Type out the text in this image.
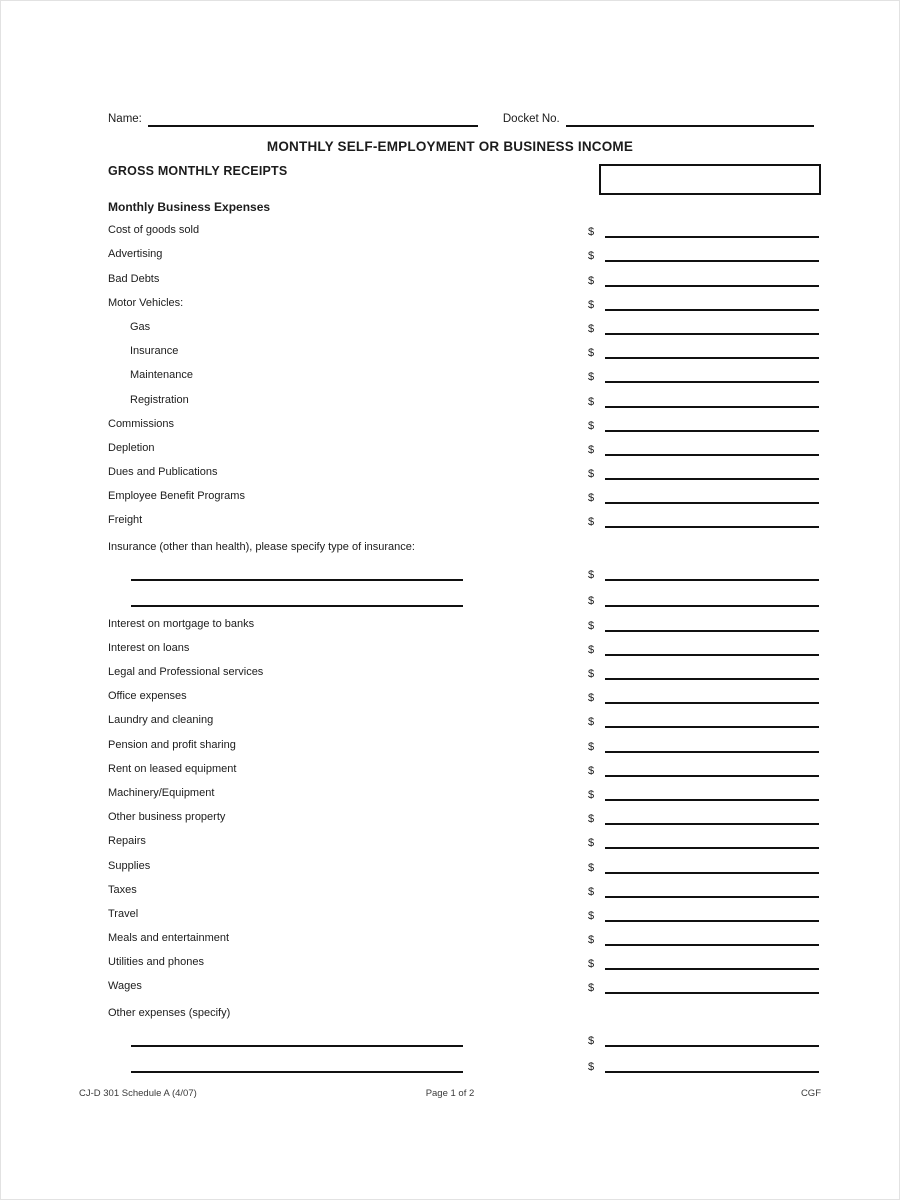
Name:	Docket No.
MONTHLY SELF-EMPLOYMENT OR BUSINESS INCOME
GROSS MONTHLY RECEIPTS
Monthly Business Expenses
Cost of goods sold	$
Advertising	$
Bad Debts	$
Motor Vehicles:	$
Gas	$
Insurance	$
Maintenance	$
Registration	$
Commissions	$
Depletion	$
Dues and Publications	$
Employee Benefit Programs	$
Freight	$
Insurance (other than health), please specify type of insurance:
$
$
Interest on mortgage to banks	$
Interest on loans	$
Legal and Professional services	$
Office expenses	$
Laundry and cleaning	$
Pension and profit sharing	$
Rent on leased equipment	$
Machinery/Equipment	$
Other business property	$
Repairs	$
Supplies	$
Taxes	$
Travel	$
Meals and entertainment	$
Utilities and phones	$
Wages	$
Other expenses (specify)
$
$
CJ-D 301 Schedule A (4/07)	Page 1 of 2	CGF
